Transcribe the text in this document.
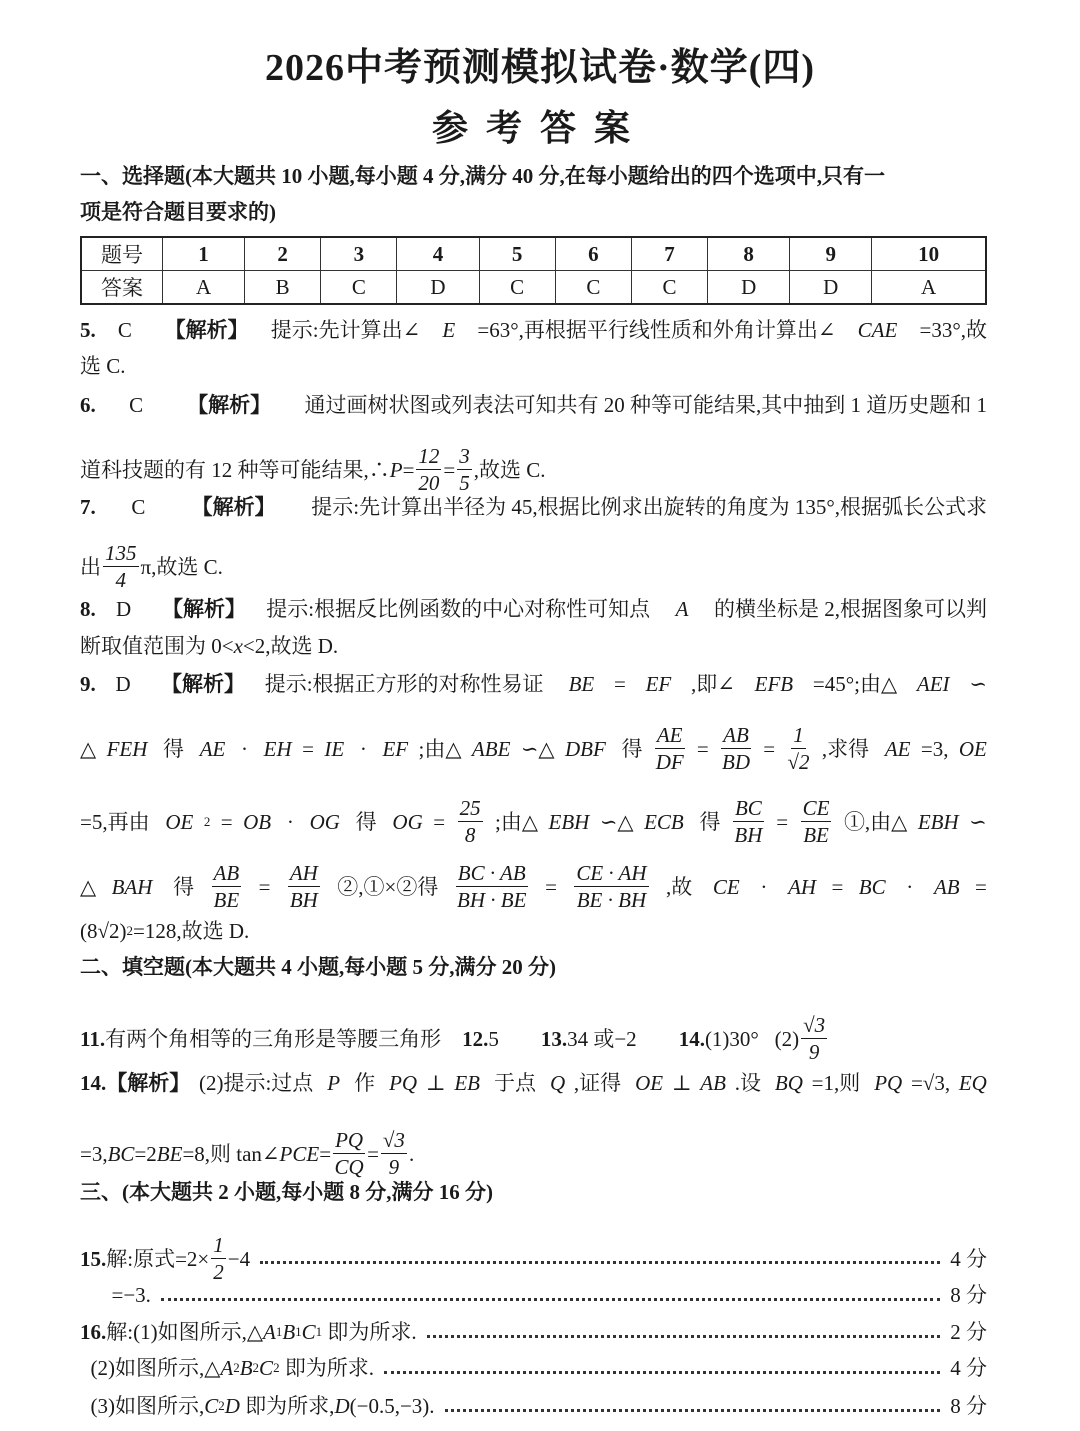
2026中考预测模拟试卷·数学(四)
参考答案
题号	1	2	3	4	5	6	7	8	9	10
答案	A	B	C	D	C	C	C	D	D	A
一、选择题(本大题共 10 小题,每小题 4 分,满分 40 分,在每小题给出的四个选项中,只有一
项是符合题目要求的)
5. C 【解析】 提示:先计算出∠ E =63°,再根据平行线性质和外角计算出∠ CAE =33°,故
选 C.
6. C 【解析】 通过画树状图或列表法可知共有 20 种等可能结果,其中抽到 1 道历史题和 1
道科技题的有 12 种等可能结果,∴ $P = \frac{12}{20} = \frac{3}{5}$ ,故选 C.
7. C 【解析】 提示:先计算出半径为 45,根据比例求出旋转的角度为 135°,根据弧长公式求
出 $\frac{135}{4} \pi$,故选 C.
8. D 【解析】 提示:根据反比例函数的中心对称性可知点 A 的横坐标是 2,根据图象可以判
断取值范围为 0< x <2,故选 D.
9. D 【解析】 提示:根据正方形的对称性易证 BE = EF ,即∠ EFB =45°;由△ AEI ∽
△ FEH 得 AE · EH = IE · EF ;由△ ABE ∽△ DBF 得 $\frac{AE}{DF} = \frac{AB}{BD} = \frac{1}{√2}$ ,求得 AE =3, OE
=5,再由 OE 2 = OB · OG 得 OG = $\frac{25}{8}$ ;由△ EBH ∽△ ECB 得 $\frac{BC}{BH} = \frac{CE}{BE}$ ①,由△ EBH ∽
△ BAH 得 $\frac{AB}{BE} = \frac{AH}{BH}$ ②,①×②得 $\frac{BC \cdot AB}{BH \cdot BE} = \frac{CE \cdot AH}{BE \cdot BH}$ ,故 CE · AH = BC · AB =
(8√2) 2 =128,故选 D.
二、填空题(本大题共 4 小题,每小题 5 分,满分 20 分)
11. 有两个角相等的三角形是等腰三角形 12. 5 13. 34 或−2 14. (1)30°   $(2) \frac{√3}{9}$
14.【解析】 (2)提示:过点 P 作 PQ ⊥ EB 于点 Q ,证得 OE ⊥ AB .设 BQ =1,则 PQ =√3, EQ
=3, BC =2 BE =8,则 tan∠ PCE = $\frac{PQ}{CQ} = \frac{√3}{9}$ .
三、(本大题共 2 小题,每小题 8 分,满分 16 分)
15. 解:原式$=2\times \frac{1}{2} -4$	4 分
=−3.	8 分
16. 解:(1)如图所示,△ A 1 B 1 C 1 即为所求.	2 分
(2)如图所示,△ A 2 B 2 C 2 即为所求.	4 分
(3)如图所示, C 2 D 即为所求, D (−0.5,−3).	8 分
